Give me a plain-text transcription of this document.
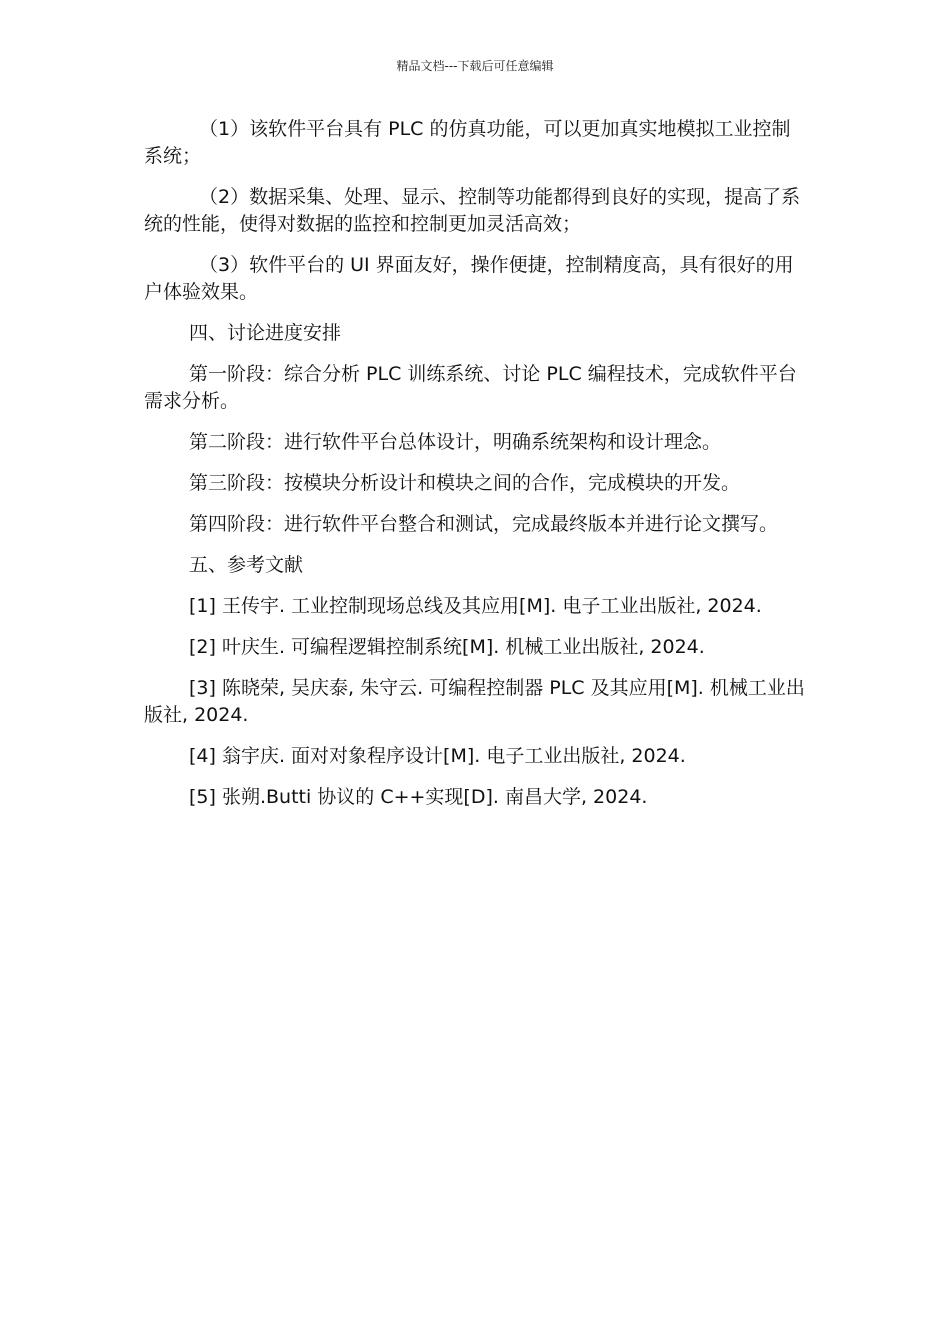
精品文档---下载后可任意编辑

（1）该软件平台具有 PLC 的仿真功能，可以更加真实地模拟工业控制系统；

（2）数据采集、处理、显示、控制等功能都得到良好的实现，提高了系统的性能，使得对数据的监控和控制更加灵活高效；

（3）软件平台的 UI 界面友好，操作便捷，控制精度高，具有很好的用户体验效果。

四、讨论进度安排

第一阶段：综合分析 PLC 训练系统、讨论 PLC 编程技术，完成软件平台需求分析。

第二阶段：进行软件平台总体设计，明确系统架构和设计理念。

第三阶段：按模块分析设计和模块之间的合作，完成模块的开发。

第四阶段：进行软件平台整合和测试，完成最终版本并进行论文撰写。

五、参考文献

[1] 王传宇. 工业控制现场总线及其应用[M]. 电子工业出版社, 2024.

[2] 叶庆生. 可编程逻辑控制系统[M]. 机械工业出版社, 2024.

[3] 陈晓荣, 吴庆泰, 朱守云. 可编程控制器 PLC 及其应用[M]. 机械工业出版社, 2024.

[4] 翁宇庆. 面对对象程序设计[M]. 电子工业出版社, 2024.

[5] 张朔.Butti 协议的 C++实现[D]. 南昌大学, 2024.
